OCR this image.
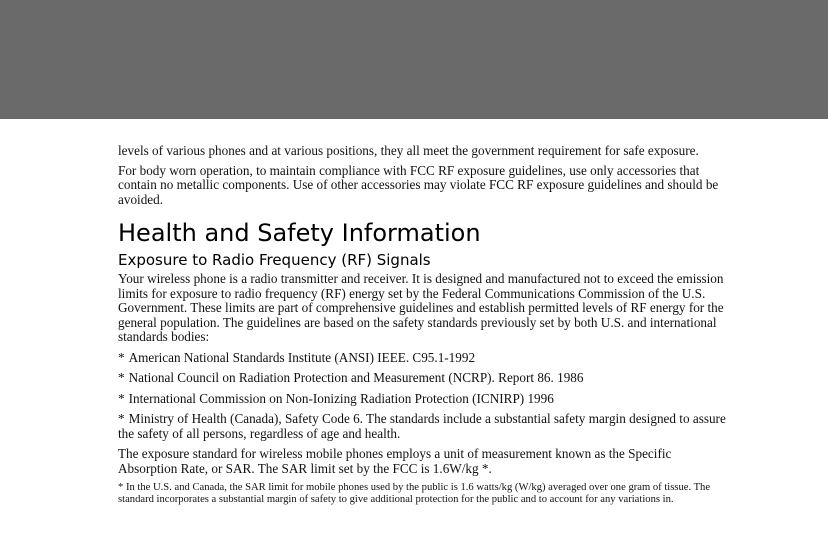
levels of various phones and at various positions, they all meet the government requirement for safe exposure.

For body worn operation, to maintain compliance with FCC RF exposure guidelines, use only accessories that contain no metallic components. Use of other accessories may violate FCC RF exposure guidelines and should be avoided.

Health and Safety Information
Exposure to Radio Frequency (RF) Signals

Your wireless phone is a radio transmitter and receiver. It is designed and manufactured not to exceed the emission limits for exposure to radio frequency (RF) energy set by the Federal Communications Commission of the U.S. Government. These limits are part of comprehensive guidelines and establish permitted levels of RF energy for the general population. The guidelines are based on the safety standards previously set by both U.S. and international standards bodies:

* American National Standards Institute (ANSI) IEEE. C95.1-1992

* National Council on Radiation Protection and Measurement (NCRP). Report 86. 1986

* International Commission on Non-Ionizing Radiation Protection (ICNIRP) 1996

* Ministry of Health (Canada), Safety Code 6. The standards include a substantial safety margin designed to assure the safety of all persons, regardless of age and health.

The exposure standard for wireless mobile phones employs a unit of measurement known as the Specific Absorption Rate, or SAR. The SAR limit set by the FCC is 1.6W/kg *.

* In the U.S. and Canada, the SAR limit for mobile phones used by the public is 1.6 watts/kg (W/kg) averaged over one gram of tissue. The standard incorporates a substantial margin of safety to give additional protection for the public and to account for any variations in.
